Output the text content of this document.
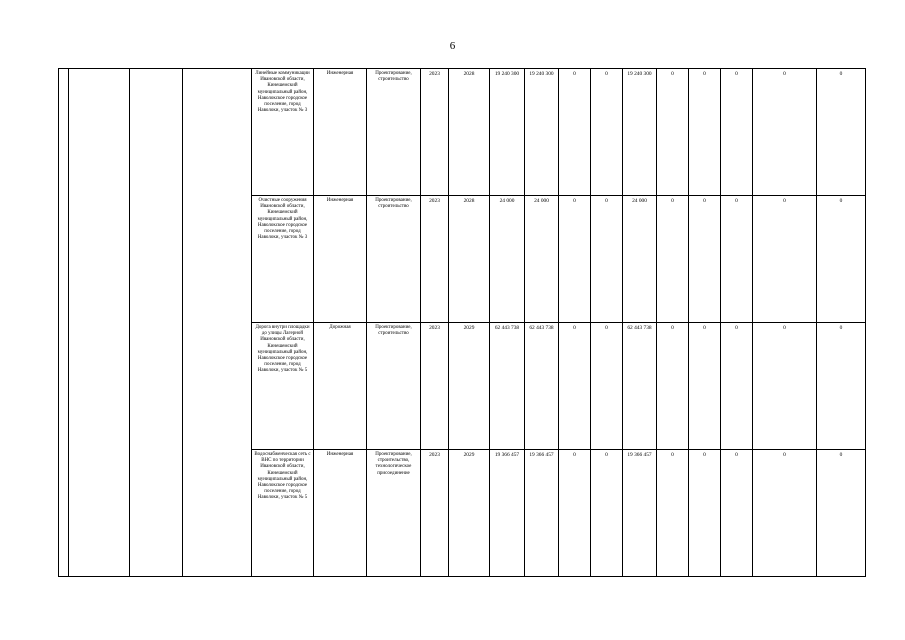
6
				Линейные коммуникации Ивановской области, Кинешемский муниципальный район, Наволокское городское поселение, город Наволоки, участок № 3	Инженерная	Проектирование, строительство	2023	2028	19 240 300	19 240 300	0	0	19 240 300	0	0	0	0	0
				Очистные сооружения Ивановской области, Кинешемский муниципальный район, Наволокское городское поселение, город Наволоки, участок № 3	Инженерная	Проектирование, строительство	2023	2028	24 000	24 000	0	0	24 000	0	0	0	0	0
				Дорога внутри площадки до улицы Лагерной Ивановской области, Кинешемский муниципальный район, Наволокское городское поселение, город Наволоки, участок № 5	Дорожная	Проектирование, строительство	2023	2029	62 443 738	62 443 738	0	0	62 443 738	0	0	0	0	0
				Водоснабженческая сеть с ВНС по территории Ивановской области, Кинешемский муниципальный район, Наволокское городское поселение, город Наволоки, участок № 5	Инженерная	Проектирование, строительство, технологическое присоединение	2023	2029	19 366 457	19 366 457	0	0	19 366 457	0	0	0	0	0
